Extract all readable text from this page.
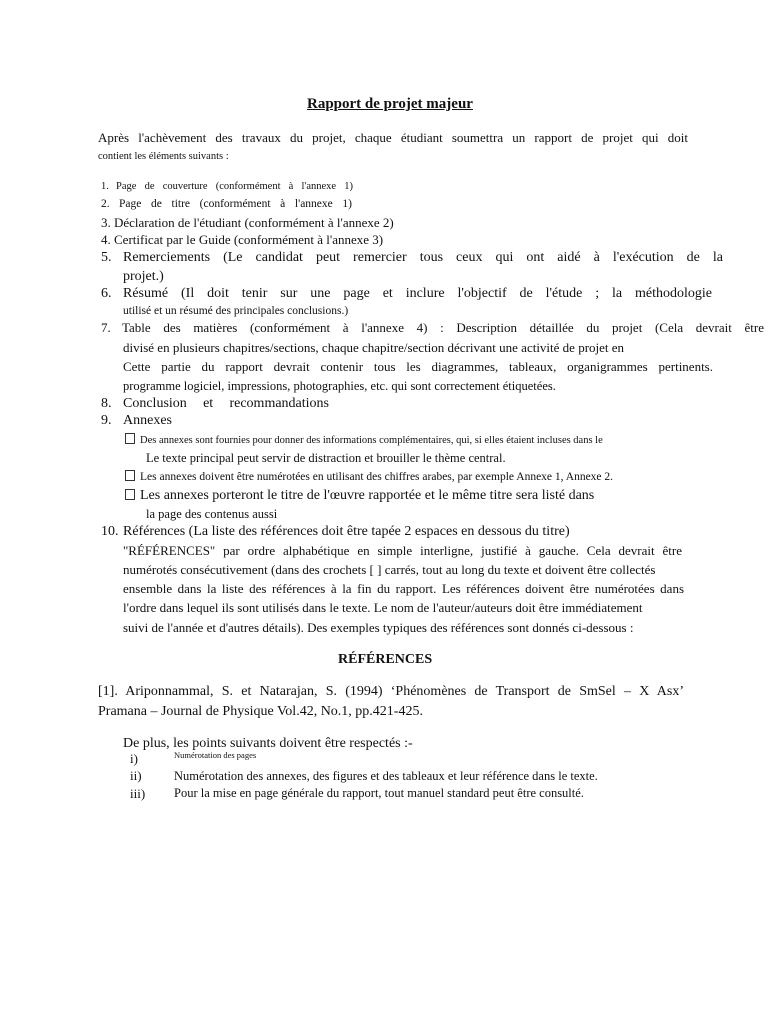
Rapport de projet majeur
Après l'achèvement des travaux du projet, chaque étudiant soumettra un rapport de projet qui doit
contient les éléments suivants :
1. Page de couverture (conformément à l'annexe 1)
2. Page de titre (conformément à l'annexe 1)
3. Déclaration de l'étudiant (conformément à l'annexe 2)
4. Certificat par le Guide (conformément à l'annexe 3)
5. Remerciements (Le candidat peut remercier tous ceux qui ont aidé à l'exécution de la
projet.)
6. Résumé (Il doit tenir sur une page et inclure l'objectif de l'étude ; la méthodologie
utilisé et un résumé des principales conclusions.)
7. Table des matières (conformément à l'annexe 4) : Description détaillée du projet (Cela devrait être
divisé en plusieurs chapitres/sections, chaque chapitre/section décrivant une activité de projet en
Cette partie du rapport devrait contenir tous les diagrammes, tableaux, organigrammes pertinents.
programme logiciel, impressions, photographies, etc. qui sont correctement étiquetées.
8. Conclusion et recommandations
9. Annexes
Des annexes sont fournies pour donner des informations complémentaires, qui, si elles étaient incluses dans le
Le texte principal peut servir de distraction et brouiller le thème central.
Les annexes doivent être numérotées en utilisant des chiffres arabes, par exemple Annexe 1, Annexe 2.
Les annexes porteront le titre de l'œuvre rapportée et le même titre sera listé dans
la page des contenus aussi
10. Références (La liste des références doit être tapée 2 espaces en dessous du titre)
"RÉFÉRENCES" par ordre alphabétique en simple interligne, justifié à gauche. Cela devrait être
numérotés consécutivement (dans des crochets [ ] carrés, tout au long du texte et doivent être collectés
ensemble dans la liste des références à la fin du rapport. Les références doivent être numérotées dans
l'ordre dans lequel ils sont utilisés dans le texte. Le nom de l'auteur/auteurs doit être immédiatement
suivi de l'année et d'autres détails). Des exemples typiques des références sont donnés ci-dessous :
RÉFÉRENCES
[1]. Ariponnammal, S. et Natarajan, S. (1994) ‘Phénomènes de Transport de SmSel – X Asx’
Pramana – Journal de Physique Vol.42, No.1, pp.421-425.
De plus, les points suivants doivent être respectés :-
i)	Numérotation des pages
ii)	Numérotation des annexes, des figures et des tableaux et leur référence dans le texte.
iii) Pour la mise en page générale du rapport, tout manuel standard peut être consulté.
